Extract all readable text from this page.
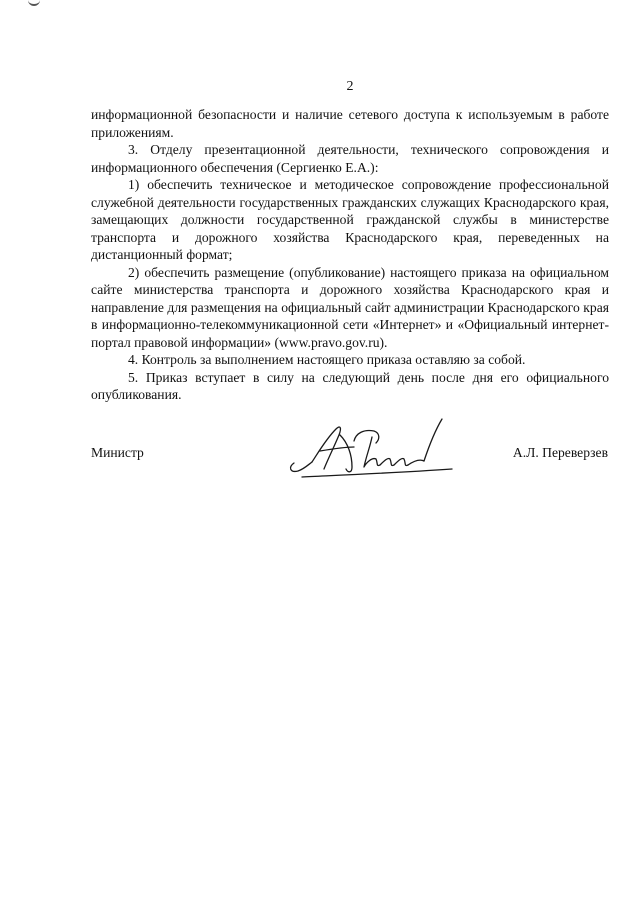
2

информационной безопасности и наличие сетевого доступа к используемым в работе приложениям.

3. Отделу презентационной деятельности, технического сопровождения и информационного обеспечения (Сергиенко Е.А.):

1) обеспечить техническое и методическое сопровождение профессиональной служебной деятельности государственных гражданских служащих Краснодарского края, замещающих должности государственной гражданской службы в министерстве транспорта и дорожного хозяйства Краснодарского края, переведенных на дистанционный формат;

2) обеспечить размещение (опубликование) настоящего приказа на официальном сайте министерства транспорта и дорожного хозяйства Краснодарского края и направление для размещения на официальный сайт администрации Краснодарского края в информационно-телекоммуникационной сети «Интернет» и «Официальный интернет-портал правовой информации» (www.pravo.gov.ru).

4. Контроль за выполнением настоящего приказа оставляю за собой.

5. Приказ вступает в силу на следующий день после дня его официального опубликования.

Министр	А.Л. Переверзев
